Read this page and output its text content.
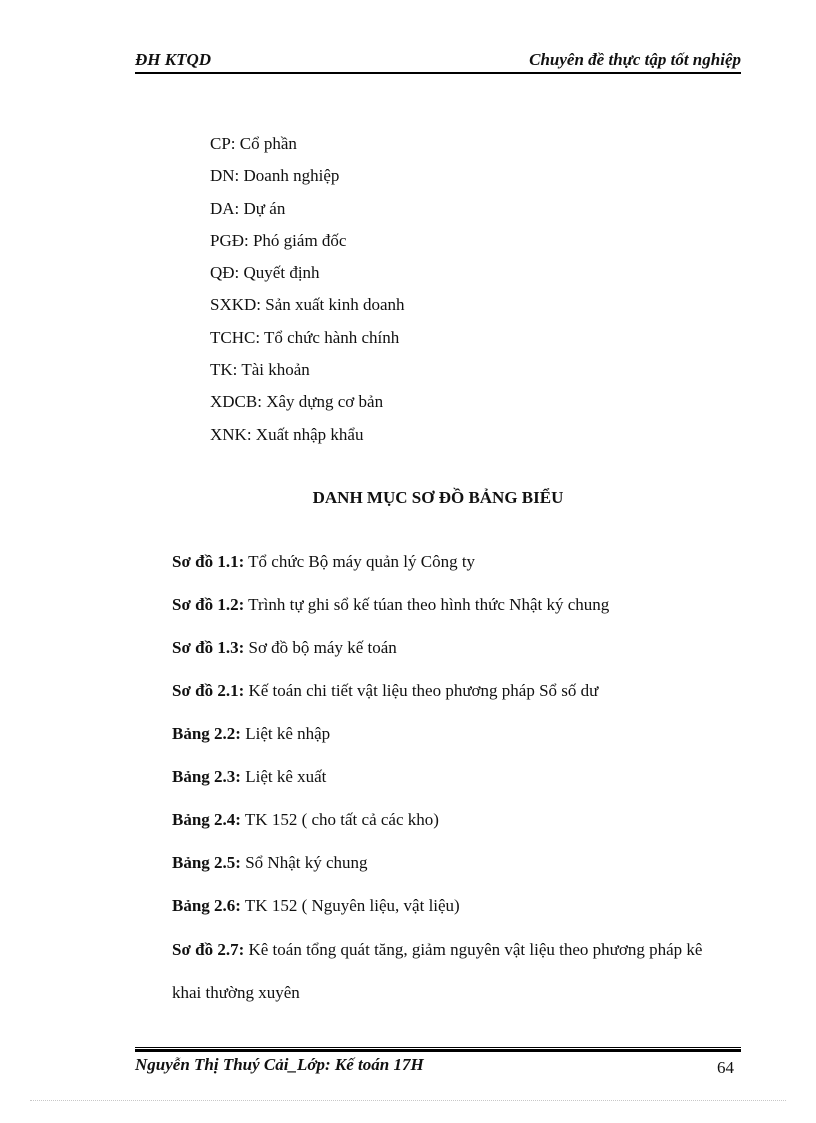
ĐH KTQD	Chuyên đề thực tập tốt nghiệp
CP: Cổ phần
DN: Doanh nghiệp
DA: Dự án
PGĐ: Phó giám đốc
QĐ: Quyết định
SXKD: Sản xuất kinh doanh
TCHC: Tổ chức hành chính
TK: Tài khoản
XDCB: Xây dựng cơ bản
XNK: Xuất nhập khẩu
DANH MỤC SƠ ĐỒ BẢNG BIỂU
Sơ đồ 1.1: Tổ chức Bộ máy quản lý Công ty
Sơ đồ 1.2: Trình tự ghi sổ kế túan theo hình thức Nhật ký chung
Sơ đồ 1.3: Sơ đồ bộ máy kế toán
Sơ đồ 2.1: Kế toán chi tiết vật liệu theo phương pháp Sổ số dư
Bảng 2.2: Liệt kê nhập
Bảng 2.3: Liệt kê xuất
Bảng 2.4: TK 152 ( cho tất cả các kho)
Bảng 2.5: Sổ Nhật ký chung
Bảng 2.6: TK 152 ( Nguyên liệu, vật liệu)
Sơ đồ 2.7: Kê toán tổng quát tăng, giảm nguyên vật liệu theo phương pháp kê khai thường xuyên
Nguyễn Thị Thuý Cải_Lớp: Kế toán 17H	64
